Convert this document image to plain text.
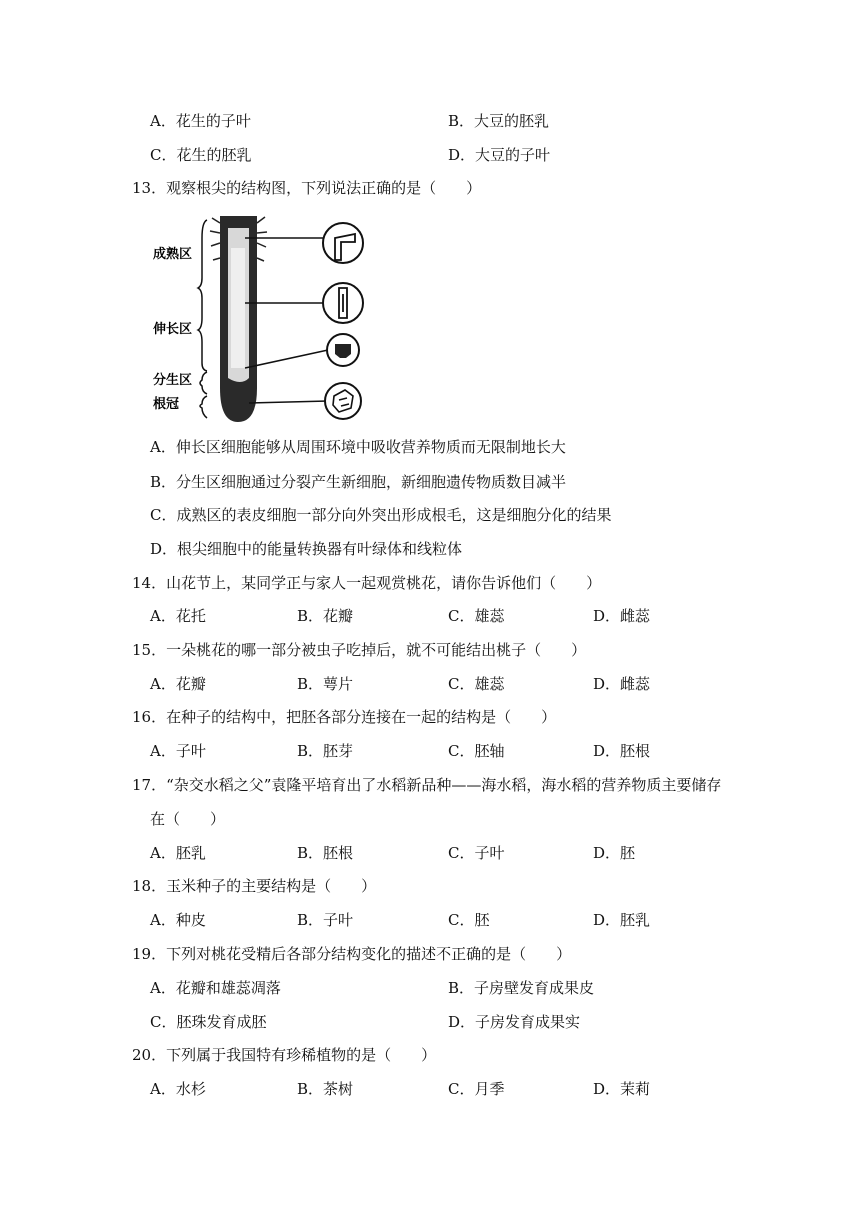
A．花生的子叶	B．大豆的胚乳
C．花生的胚乳	D．大豆的子叶
13．观察根尖的结构图，下列说法正确的是（　　）
成熟区
伸长区
分生区
根冠
A．伸长区细胞能够从周围环境中吸收营养物质而无限制地长大
B．分生区细胞通过分裂产生新细胞，新细胞遗传物质数目减半
C．成熟区的表皮细胞一部分向外突出形成根毛，这是细胞分化的结果
D．根尖细胞中的能量转换器有叶绿体和线粒体
14．山花节上，某同学正与家人一起观赏桃花，请你告诉他们（　　）
A．花托	B．花瓣	C．雄蕊	D．雌蕊
15．一朵桃花的哪一部分被虫子吃掉后，就不可能结出桃子（　　）
A．花瓣	B．萼片	C．雄蕊	D．雌蕊
16．在种子的结构中，把胚各部分连接在一起的结构是（　　）
A．子叶	B．胚芽	C．胚轴	D．胚根
17．“杂交水稻之父”袁隆平培育出了水稻新品种——海水稻，海水稻的营养物质主要储存
在（　　）
A．胚乳	B．胚根	C．子叶	D．胚
18．玉米种子的主要结构是（　　）
A．种皮	B．子叶	C．胚	D．胚乳
19．下列对桃花受精后各部分结构变化的描述不正确的是（　　）
A．花瓣和雄蕊凋落	B．子房壁发育成果皮
C．胚珠发育成胚	D．子房发育成果实
20．下列属于我国特有珍稀植物的是（　　）
A．水杉	B．茶树	C．月季	D．茉莉
